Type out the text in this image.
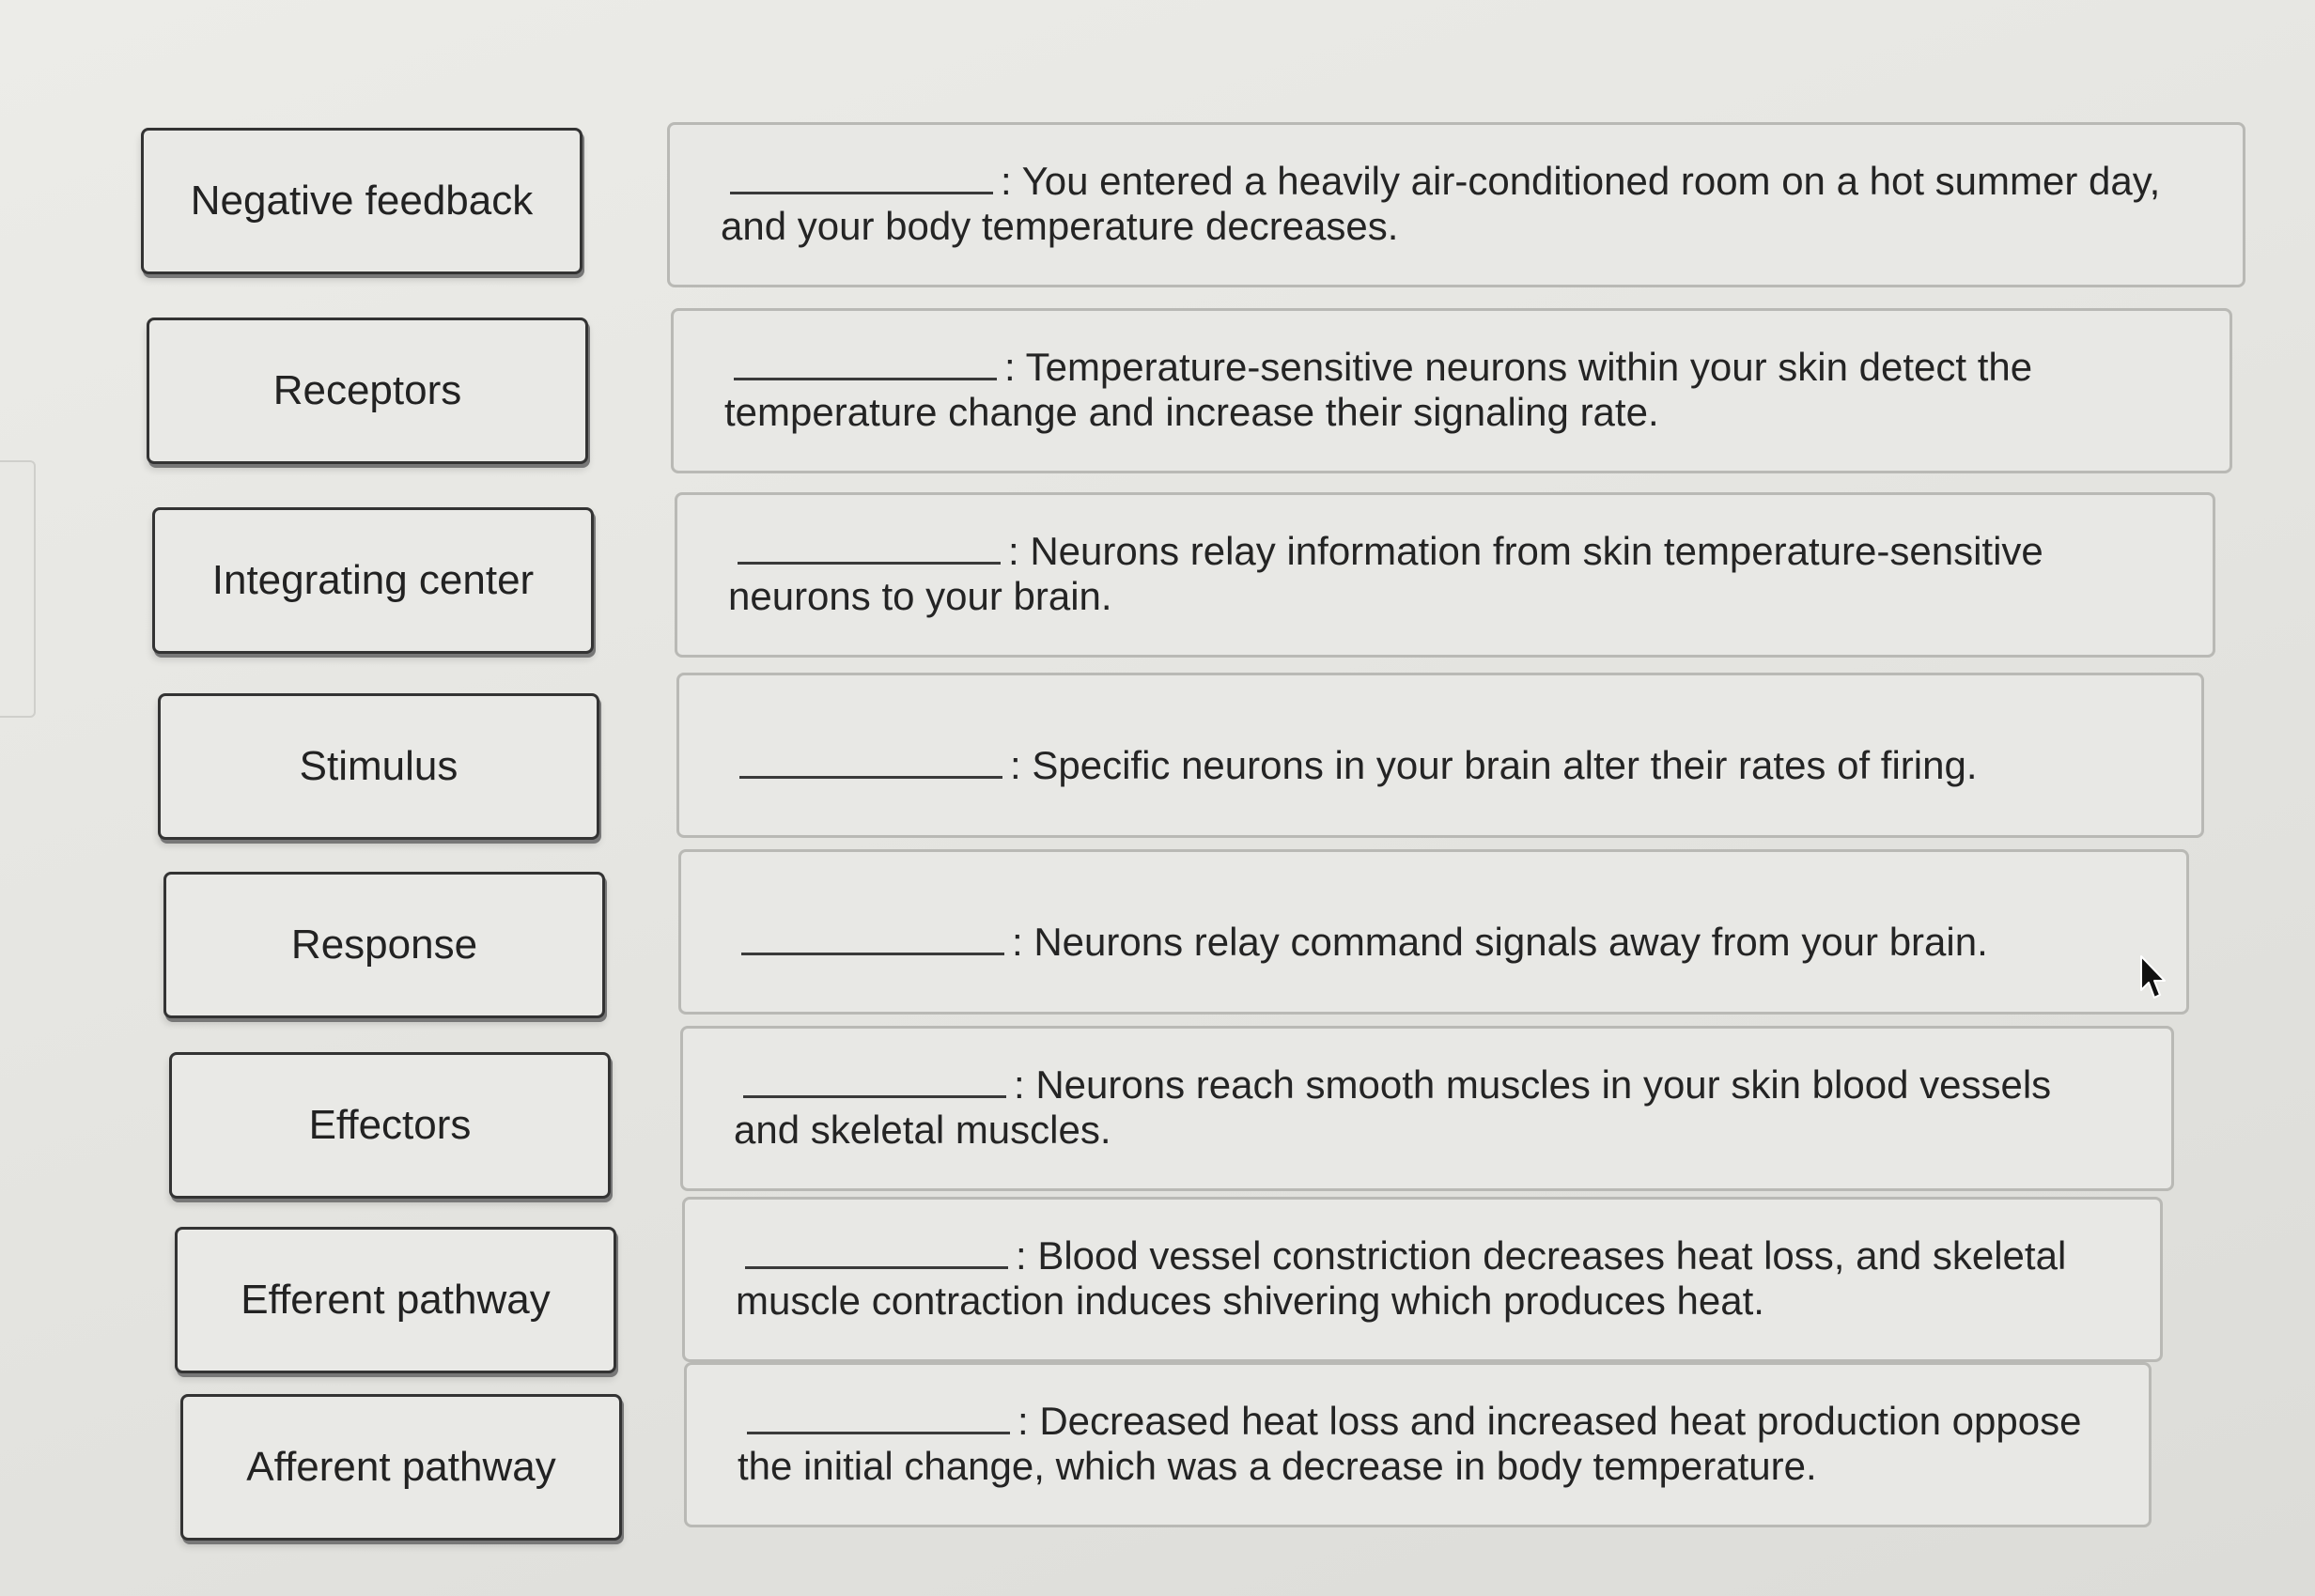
Negative feedback
Receptors
Integrating center
Stimulus
Response
Effectors
Efferent pathway
Afferent pathway
: You entered a heavily air-conditioned room on a hot summer day, and your body temperature decreases.
: Temperature-sensitive neurons within your skin detect the temperature change and increase their signaling rate.
: Neurons relay information from skin temperature-sensitive neurons to your brain.
: Specific neurons in your brain alter their rates of firing.
: Neurons relay command signals away from your brain.
: Neurons reach smooth muscles in your skin blood vessels and skeletal muscles.
: Blood vessel constriction decreases heat loss, and skeletal muscle contraction induces shivering which produces heat.
: Decreased heat loss and increased heat production oppose the initial change, which was a decrease in body temperature.
